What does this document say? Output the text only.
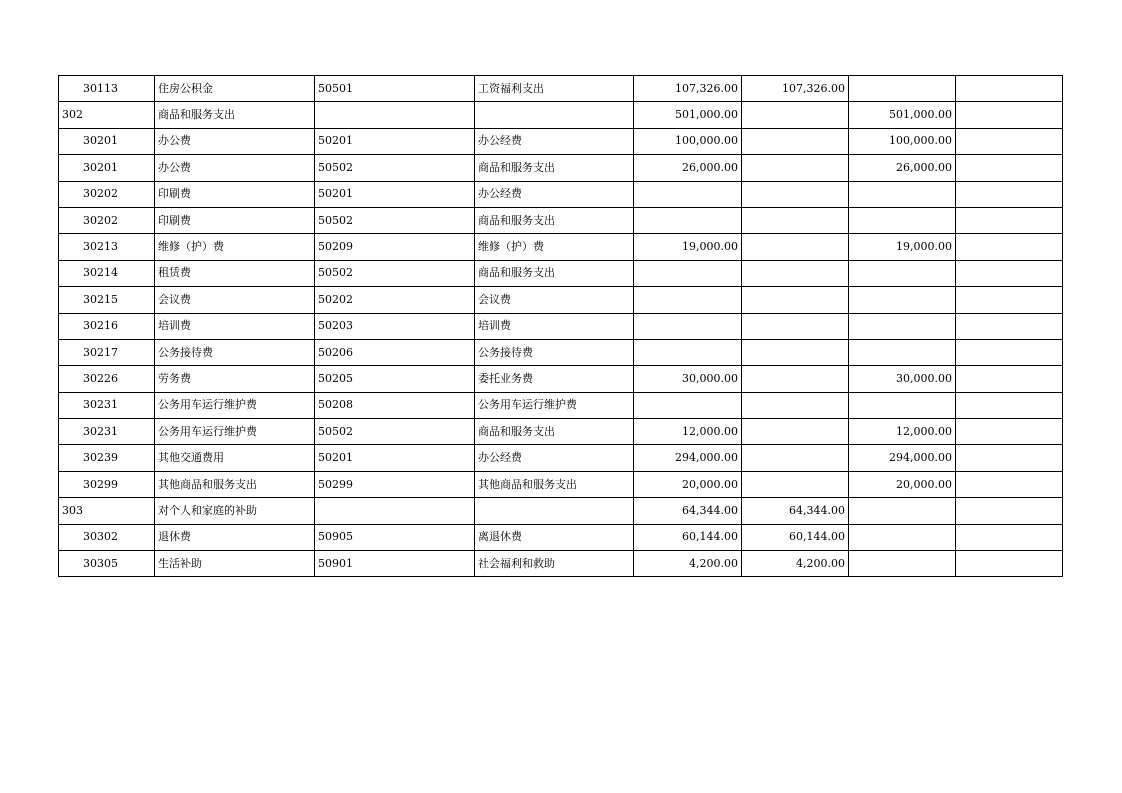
30113	住房公积金	50501	工资福利支出	107,326.00	107,326.00		
302	商品和服务支出			501,000.00		501,000.00	
30201	办公费	50201	办公经费	100,000.00		100,000.00	
30201	办公费	50502	商品和服务支出	26,000.00		26,000.00	
30202	印刷费	50201	办公经费				
30202	印刷费	50502	商品和服务支出				
30213	维修（护）费	50209	维修（护）费	19,000.00		19,000.00	
30214	租赁费	50502	商品和服务支出				
30215	会议费	50202	会议费				
30216	培训费	50203	培训费				
30217	公务接待费	50206	公务接待费				
30226	劳务费	50205	委托业务费	30,000.00		30,000.00	
30231	公务用车运行维护费	50208	公务用车运行维护费				
30231	公务用车运行维护费	50502	商品和服务支出	12,000.00		12,000.00	
30239	其他交通费用	50201	办公经费	294,000.00		294,000.00	
30299	其他商品和服务支出	50299	其他商品和服务支出	20,000.00		20,000.00	
303	对个人和家庭的补助			64,344.00	64,344.00		
30302	退休费	50905	离退休费	60,144.00	60,144.00		
30305	生活补助	50901	社会福利和救助	4,200.00	4,200.00		
